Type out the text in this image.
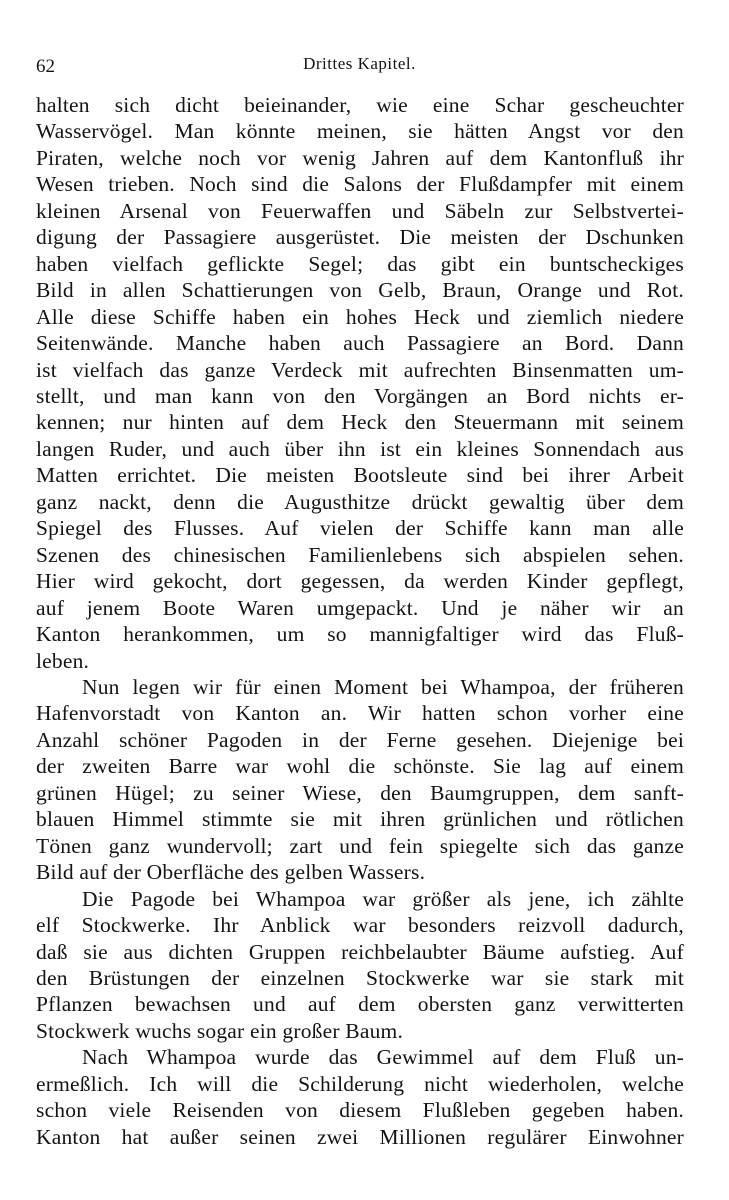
62	Drittes Kapitel.
halten sich dicht beieinander, wie eine Schar gescheuchter
Wasservögel. Man könnte meinen, sie hätten Angst vor den
Piraten, welche noch vor wenig Jahren auf dem Kantonfluß ihr
Wesen trieben. Noch sind die Salons der Flußdampfer mit einem
kleinen Arsenal von Feuerwaffen und Säbeln zur Selbstvertei-
digung der Passagiere ausgerüstet. Die meisten der Dschunken
haben vielfach geflickte Segel; das gibt ein buntscheckiges
Bild in allen Schattierungen von Gelb, Braun, Orange und Rot.
Alle diese Schiffe haben ein hohes Heck und ziemlich niedere
Seitenwände. Manche haben auch Passagiere an Bord. Dann
ist vielfach das ganze Verdeck mit aufrechten Binsenmatten um-
stellt, und man kann von den Vorgängen an Bord nichts er-
kennen; nur hinten auf dem Heck den Steuermann mit seinem
langen Ruder, und auch über ihn ist ein kleines Sonnendach aus
Matten errichtet. Die meisten Bootsleute sind bei ihrer Arbeit
ganz nackt, denn die Augusthitze drückt gewaltig über dem
Spiegel des Flusses. Auf vielen der Schiffe kann man alle
Szenen des chinesischen Familienlebens sich abspielen sehen.
Hier wird gekocht, dort gegessen, da werden Kinder gepflegt,
auf jenem Boote Waren umgepackt. Und je näher wir an
Kanton herankommen, um so mannigfaltiger wird das Fluß-
leben.
Nun legen wir für einen Moment bei Whampoa, der früheren
Hafenvorstadt von Kanton an. Wir hatten schon vorher eine
Anzahl schöner Pagoden in der Ferne gesehen. Diejenige bei
der zweiten Barre war wohl die schönste. Sie lag auf einem
grünen Hügel; zu seiner Wiese, den Baumgruppen, dem sanft-
blauen Himmel stimmte sie mit ihren grünlichen und rötlichen
Tönen ganz wundervoll; zart und fein spiegelte sich das ganze
Bild auf der Oberfläche des gelben Wassers.
Die Pagode bei Whampoa war größer als jene, ich zählte
elf Stockwerke. Ihr Anblick war besonders reizvoll dadurch,
daß sie aus dichten Gruppen reichbelaubter Bäume aufstieg. Auf
den Brüstungen der einzelnen Stockwerke war sie stark mit
Pflanzen bewachsen und auf dem obersten ganz verwitterten
Stockwerk wuchs sogar ein großer Baum.
Nach Whampoa wurde das Gewimmel auf dem Fluß un-
ermeßlich. Ich will die Schilderung nicht wiederholen, welche
schon viele Reisenden von diesem Flußleben gegeben haben.
Kanton hat außer seinen zwei Millionen regulärer Einwohner
